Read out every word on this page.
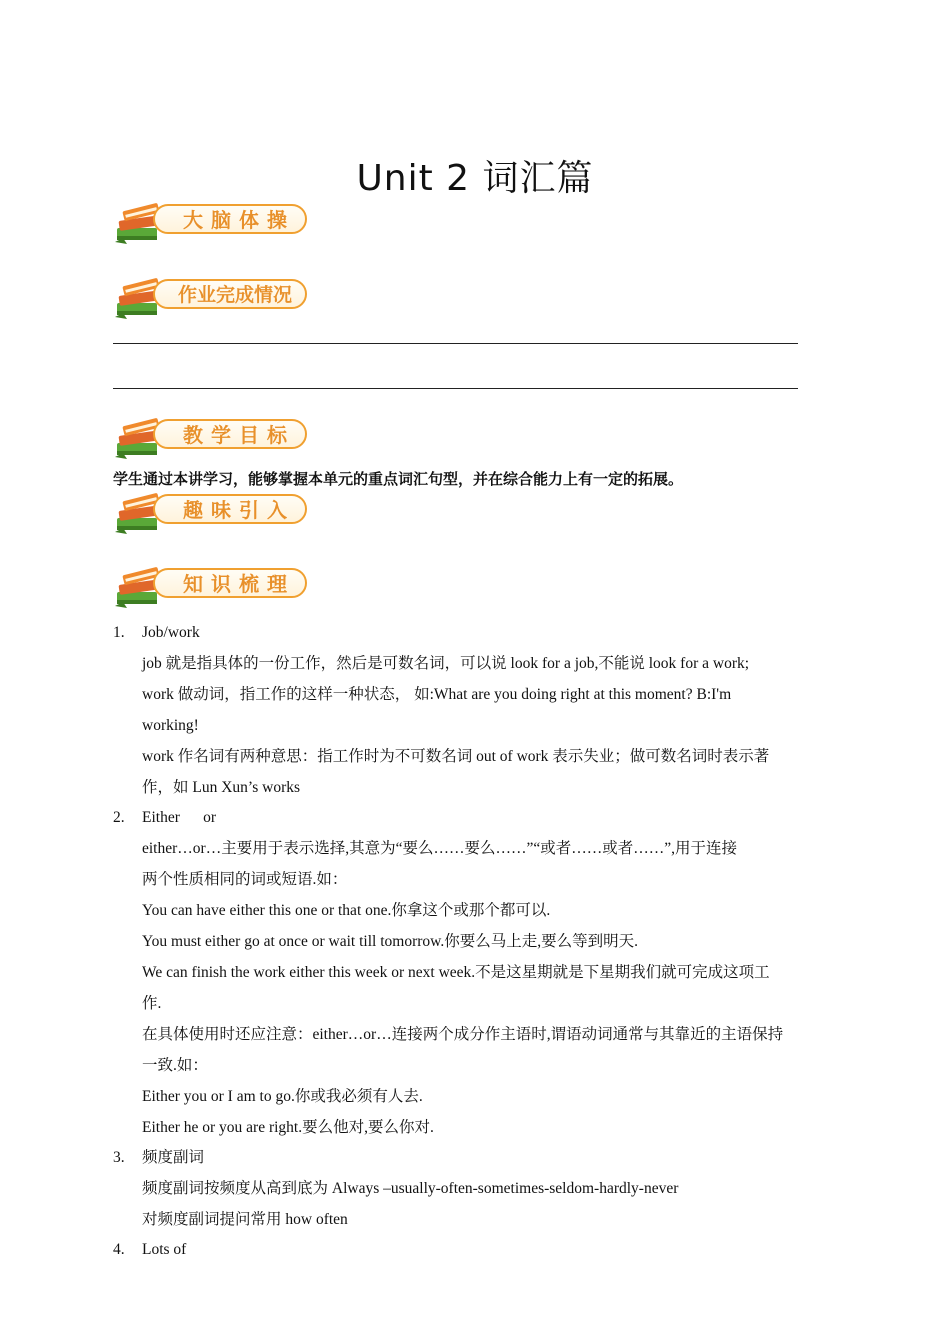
Unit 2 词汇篇
大脑体操
作业完成情况
教学目标
学生通过本讲学习，能够掌握本单元的重点词汇句型，并在综合能力上有一定的拓展。
趣味引入
知识梳理
1.	Job/work
job 就是指具体的一份工作，然后是可数名词，可以说 look for a job,不能说 look for a work;
work 做动词，指工作的这样一种状态， 如:What are you doing right at this moment? B:I'm
working!
work 作名词有两种意思：指工作时为不可数名词 out of work 表示失业；做可数名词时表示著
作，如 Lun Xun’s works
2.	Either      or
either…or…主要用于表示选择,其意为“要么……要么……”“或者……或者……”,用于连接
两个性质相同的词或短语.如：
You can have either this one or that one.你拿这个或那个都可以.
You must either go at once or wait till tomorrow.你要么马上走,要么等到明天.
We can finish the work either this week or next week.不是这星期就是下星期我们就可完成这项工
作.
在具体使用时还应注意：either…or…连接两个成分作主语时,谓语动词通常与其靠近的主语保持
一致.如：
Either you or I am to go.你或我必须有人去.
Either he or you are right.要么他对,要么你对.
3.	频度副词
频度副词按频度从高到底为 Always –usually-often-sometimes-seldom-hardly-never
对频度副词提问常用 how often
4.	Lots of
